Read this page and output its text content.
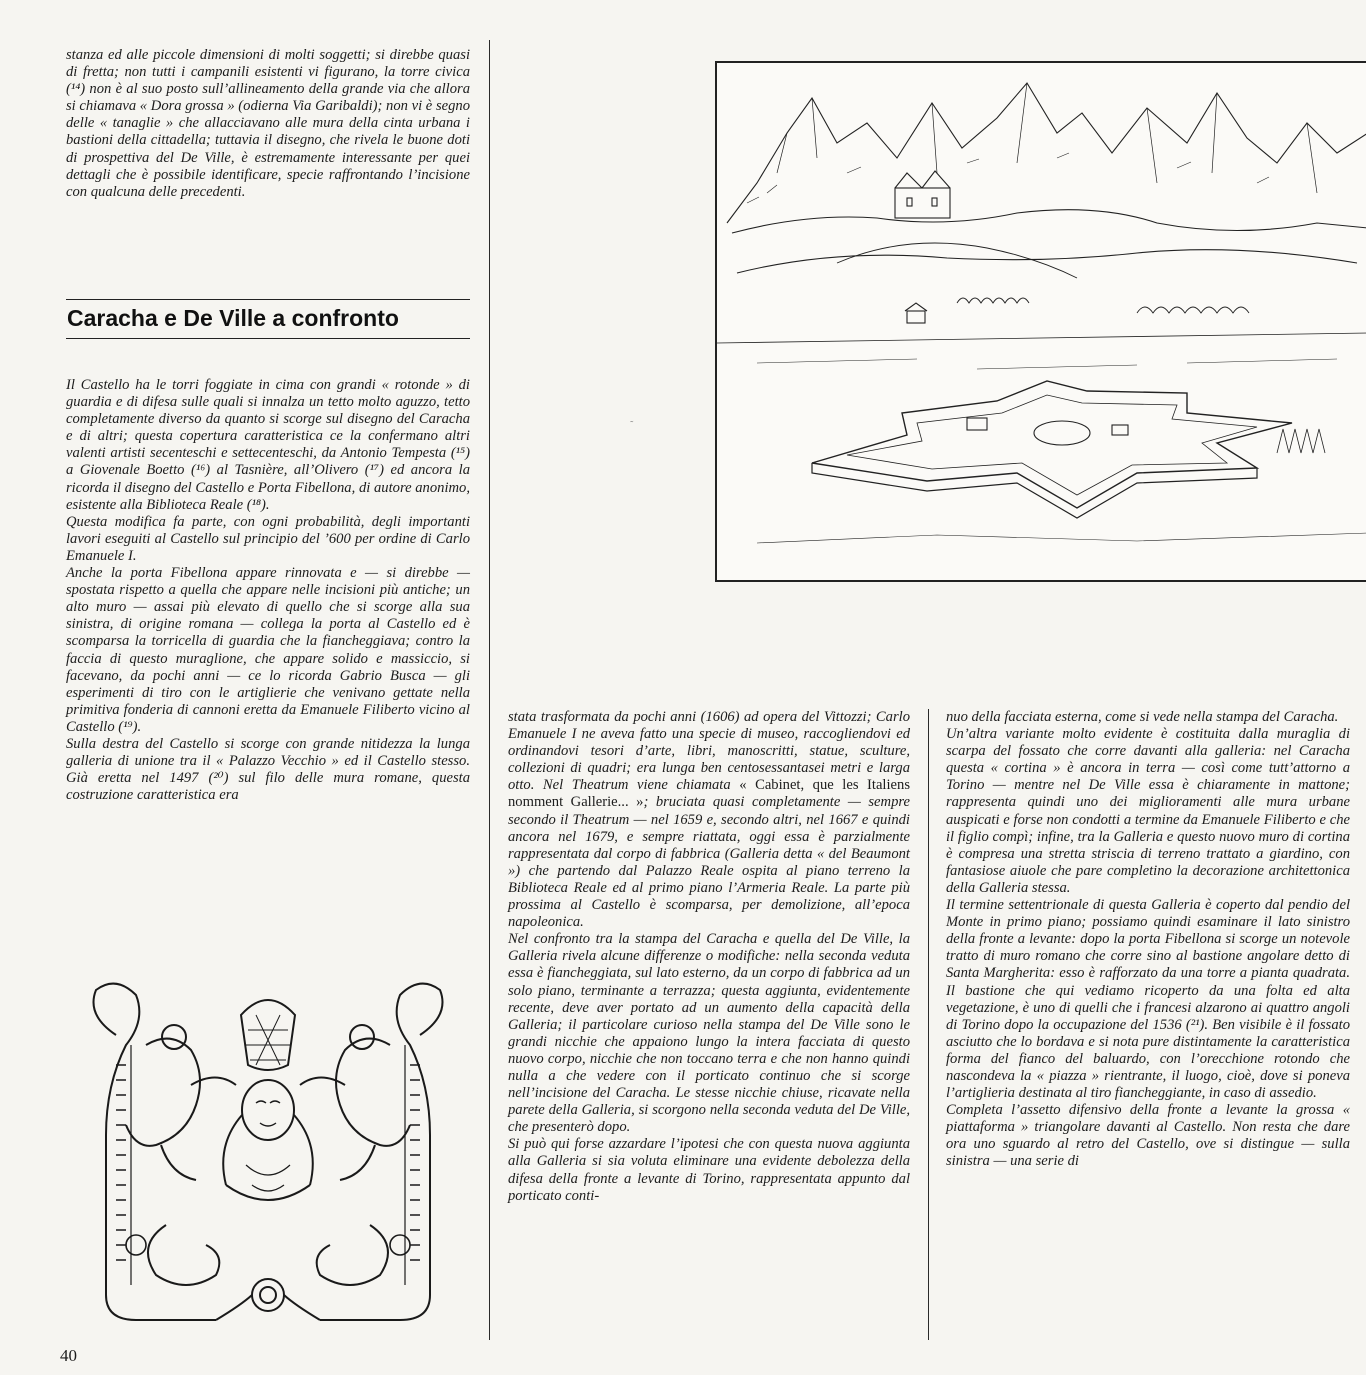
stanza ed alle piccole dimensioni di molti soggetti; si direbbe quasi di fretta; non tutti i campanili esistenti vi figurano, la torre civica (¹⁴) non è al suo posto sull’allineamento della grande via che allora si chiamava « Dora grossa » (odierna Via Garibaldi); non vi è segno delle « tanaglie » che allacciavano alle mura della cinta urbana i bastioni della cittadella; tuttavia il disegno, che rivela le buone doti di prospettiva del De Ville, è estremamente interessante per quei dettagli che è possibile identificare, specie raffrontando l’incisione con qualcuna delle precedenti.

Caracha e De Ville a confronto

Il Castello ha le torri foggiate in cima con grandi « rotonde » di guardia e di difesa sulle quali si innalza un tetto molto aguzzo, tetto completamente diverso da quanto si scorge sul disegno del Caracha e di altri; questa copertura caratteristica ce la confermano altri valenti artisti secenteschi e settecenteschi, da Antonio Tempesta (¹⁵) a Giovenale Boetto (¹⁶) al Tasnière, all’Olivero (¹⁷) ed ancora la ricorda il disegno del Castello e Porta Fibellona, di autore anonimo, esistente alla Biblioteca Reale (¹⁸).

Questa modifica fa parte, con ogni probabilità, degli importanti lavori eseguiti al Castello sul principio del ’600 per ordine di Carlo Emanuele I.

Anche la porta Fibellona appare rinnovata e — si direbbe — spostata rispetto a quella che appare nelle incisioni più antiche; un alto muro — assai più elevato di quello che si scorge alla sua sinistra, di origine romana — collega la porta al Castello ed è scomparsa la torricella di guardia che la fiancheggiava; contro la faccia di questo muraglione, che appare solido e massiccio, si facevano, da pochi anni — ce lo ricorda Gabrio Busca — gli esperimenti di tiro con le artiglierie che venivano gettate nella primitiva fonderia di cannoni eretta da Emanuele Filiberto vicino al Castello (¹⁹).

Sulla destra del Castello si scorge con grande nitidezza la lunga galleria di unione tra il « Palazzo Vecchio » ed il Castello stesso. Già eretta nel 1497 (²⁰) sul filo delle mura romane, questa costruzione caratteristica era

˜

stata trasformata da pochi anni (1606) ad opera del Vittozzi; Carlo Emanuele I ne aveva fatto una specie di museo, raccogliendovi ed ordinandovi tesori d’arte, libri, manoscritti, statue, sculture, collezioni di quadri; era lunga ben centosessantasei metri e larga otto. Nel Theatrum viene chiamata « Cabinet, que les Italiens nomment Gallerie... »; bruciata quasi completamente — sempre secondo il Theatrum — nel 1659 e, secondo altri, nel 1667 e quindi ancora nel 1679, e sempre riattata, oggi essa è parzialmente rappresentata dal corpo di fabbrica (Galleria detta « del Beaumont ») che partendo dal Palazzo Reale ospita al piano terreno la Biblioteca Reale ed al primo piano l’Armeria Reale. La parte più prossima al Castello è scomparsa, per demolizione, all’epoca napoleonica.

Nel confronto tra la stampa del Caracha e quella del De Ville, la Galleria rivela alcune differenze o modifiche: nella seconda veduta essa è fiancheggiata, sul lato esterno, da un corpo di fabbrica ad un solo piano, terminante a terrazza; questa aggiunta, evidentemente recente, deve aver portato ad un aumento della capacità della Galleria; il particolare curioso nella stampa del De Ville sono le grandi nicchie che appaiono lungo la intera facciata di questo nuovo corpo, nicchie che non toccano terra e che non hanno quindi nulla a che vedere con il porticato continuo che si scorge nell’incisione del Caracha. Le stesse nicchie chiuse, ricavate nella parete della Galleria, si scorgono nella seconda veduta del De Ville, che presenterò dopo.

Si può qui forse azzardare l’ipotesi che con questa nuova aggiunta alla Galleria si sia voluta eliminare una evidente debolezza della difesa della fronte a levante di Torino, rappresentata appunto dal porticato conti-

nuo della facciata esterna, come si vede nella stampa del Caracha.

Un’altra variante molto evidente è costituita dalla muraglia di scarpa del fossato che corre davanti alla galleria: nel Caracha questa « cortina » è ancora in terra — così come tutt’attorno a Torino — mentre nel De Ville essa è chiaramente in mattone; rappresenta quindi uno dei miglioramenti alle mura urbane auspicati e forse non condotti a termine da Emanuele Filiberto e che il figlio compì; infine, tra la Galleria e questo nuovo muro di cortina è compresa una stretta striscia di terreno trattato a giardino, con fantasiose aiuole che pare completino la decorazione architettonica della Galleria stessa.

Il termine settentrionale di questa Galleria è coperto dal pendio del Monte in primo piano; possiamo quindi esaminare il lato sinistro della fronte a levante: dopo la porta Fibellona si scorge un notevole tratto di muro romano che corre sino al bastione angolare detto di Santa Margherita: esso è rafforzato da una torre a pianta quadrata. Il bastione che qui vediamo ricoperto da una folta ed alta vegetazione, è uno di quelli che i francesi alzarono ai quattro angoli di Torino dopo la occupazione del 1536 (²¹). Ben visibile è il fossato asciutto che lo bordava e si nota pure distintamente la caratteristica forma del fianco del baluardo, con l’orecchione rotondo che nascondeva la « piazza » rientrante, il luogo, cioè, dove si poneva l’artiglieria destinata al tiro fiancheggiante, in caso di assedio.

Completa l’assetto difensivo della fronte a levante la grossa « piattaforma » triangolare davanti al Castello. Non resta che dare ora uno sguardo al retro del Castello, ove si distingue — sulla sinistra — una serie di

40
